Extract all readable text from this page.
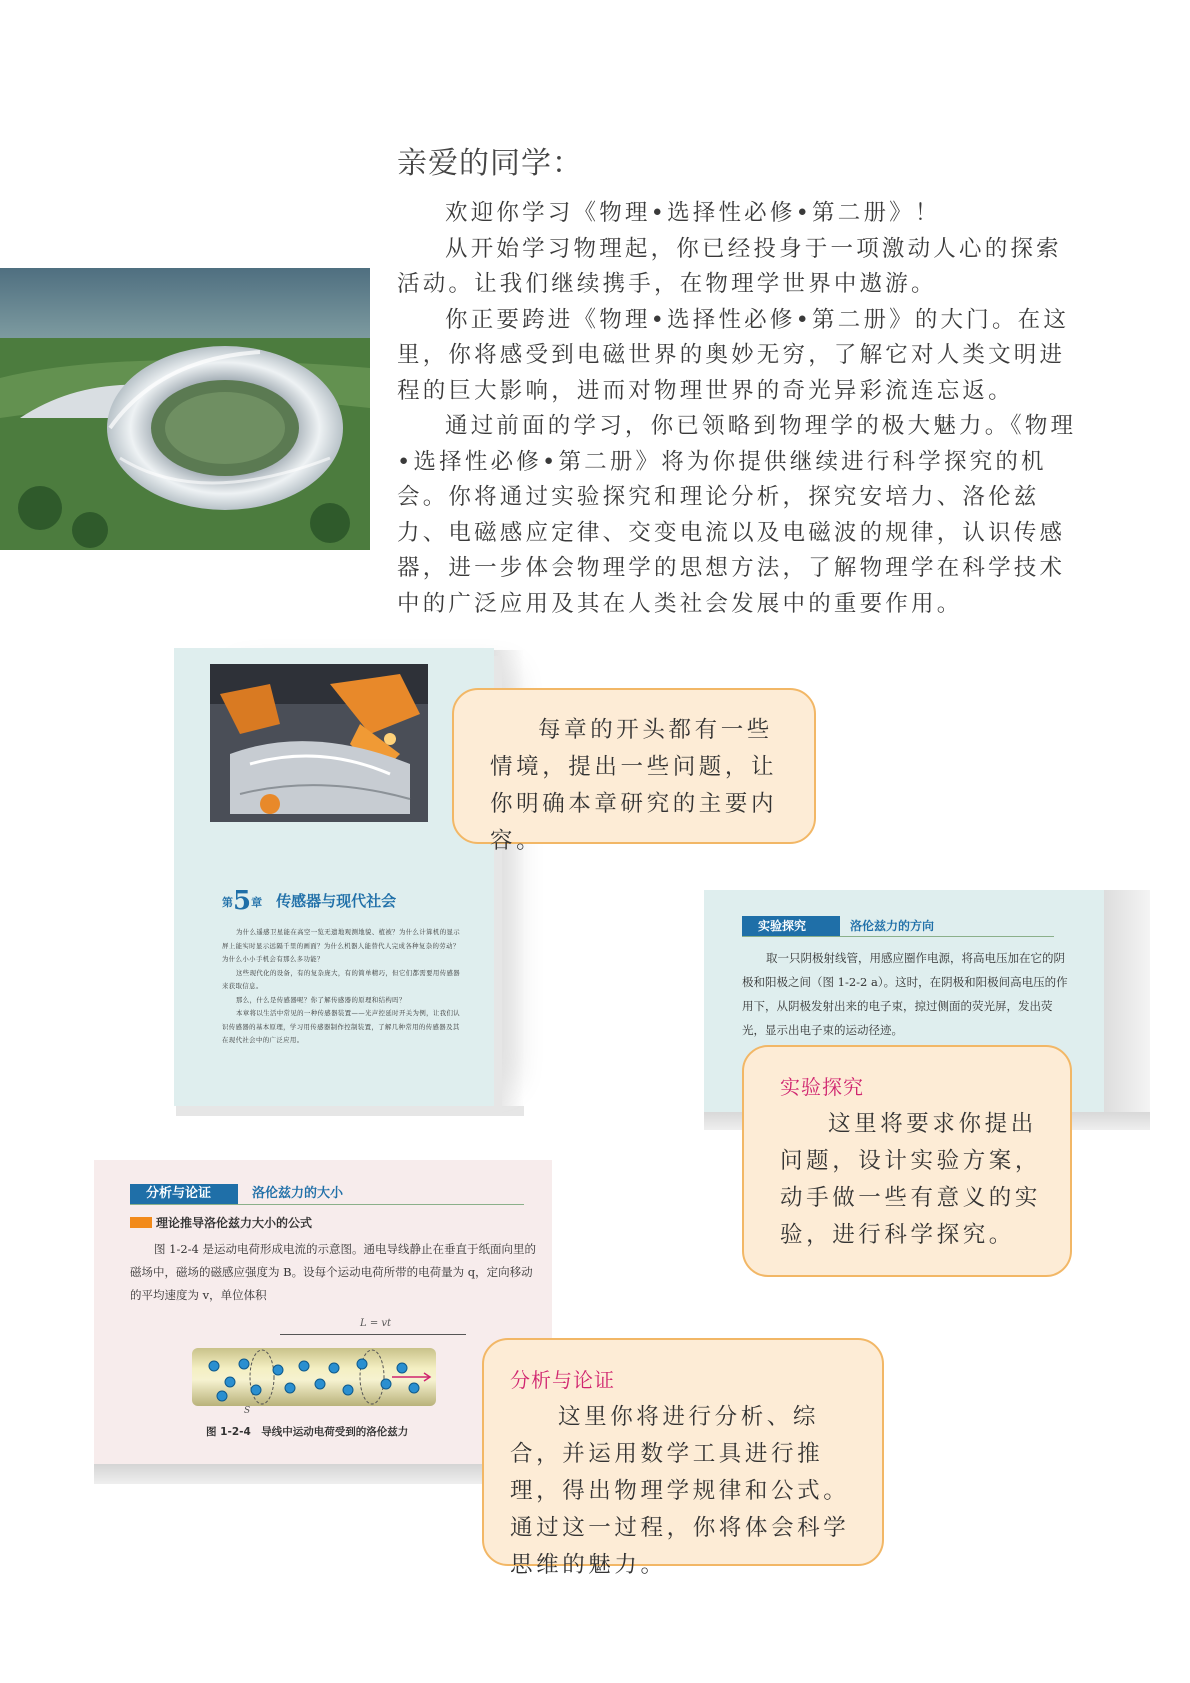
亲爱的同学：

欢迎你学习《物理•选择性必修•第二册》！

从开始学习物理起，你已经投身于一项激动人心的探索活动。让我们继续携手，在物理学世界中遨游。

你正要跨进《物理•选择性必修•第二册》的大门。在这里，你将感受到电磁世界的奥妙无穷，了解它对人类文明进程的巨大影响，进而对物理世界的奇光异彩流连忘返。

通过前面的学习，你已领略到物理学的极大魅力。《物理•选择性必修•第二册》将为你提供继续进行科学探究的机会。你将通过实验探究和理论分析，探究安培力、洛伦兹力、电磁感应定律、交变电流以及电磁波的规律，认识传感器，进一步体会物理学的思想方法，了解物理学在科学技术中的广泛应用及其在人类社会发展中的重要作用。

第5章 传感器与现代社会

为什么遥感卫星能在高空一览无遗地观测地貌、植被？为什么计算机的显示屏上能实时显示远隔千里的画面？为什么机器人能替代人完成各种复杂的劳动？为什么小小手机会有那么多功能？

这些现代化的设备，有的复杂庞大，有的简单精巧，但它们都需要用传感器来获取信息。

那么，什么是传感器呢？你了解传感器的原理和结构吗？

本章将以生活中常见的一种传感器装置——光声控延时开关为例，让我们认识传感器的基本原理，学习用传感器制作控制装置，了解几种常用的传感器及其在现代社会中的广泛应用。

每章的开头都有一些情境，提出一些问题，让你明确本章研究的主要内容。

实验探究	洛伦兹力的方向

取一只阴极射线管，用感应圈作电源，将高电压加在它的阴极和阳极之间（图 1-2-2 a）。这时，在阴极和阳极间高电压的作用下，从阴极发射出来的电子束，掠过侧面的荧光屏，发出荧光，显示出电子束的运动径迹。

实验探究

这里将要求你提出问题，设计实验方案，动手做一些有意义的实验，进行科学探究。

分析与论证	洛伦兹力的大小
理论推导洛伦兹力大小的公式

图 1-2-4 是运动电荷形成电流的示意图。通电导线静止在垂直于纸面向里的磁场中，磁场的磁感应强度为 B。设每个运动电荷所带的电荷量为 q，定向移动的平均速度为 v，单位体积

L = vt
S
图 1-2-4　导线中运动电荷受到的洛伦兹力

分析与论证

这里你将进行分析、综合，并运用数学工具进行推理，得出物理学规律和公式。通过这一过程，你将体会科学思维的魅力。
